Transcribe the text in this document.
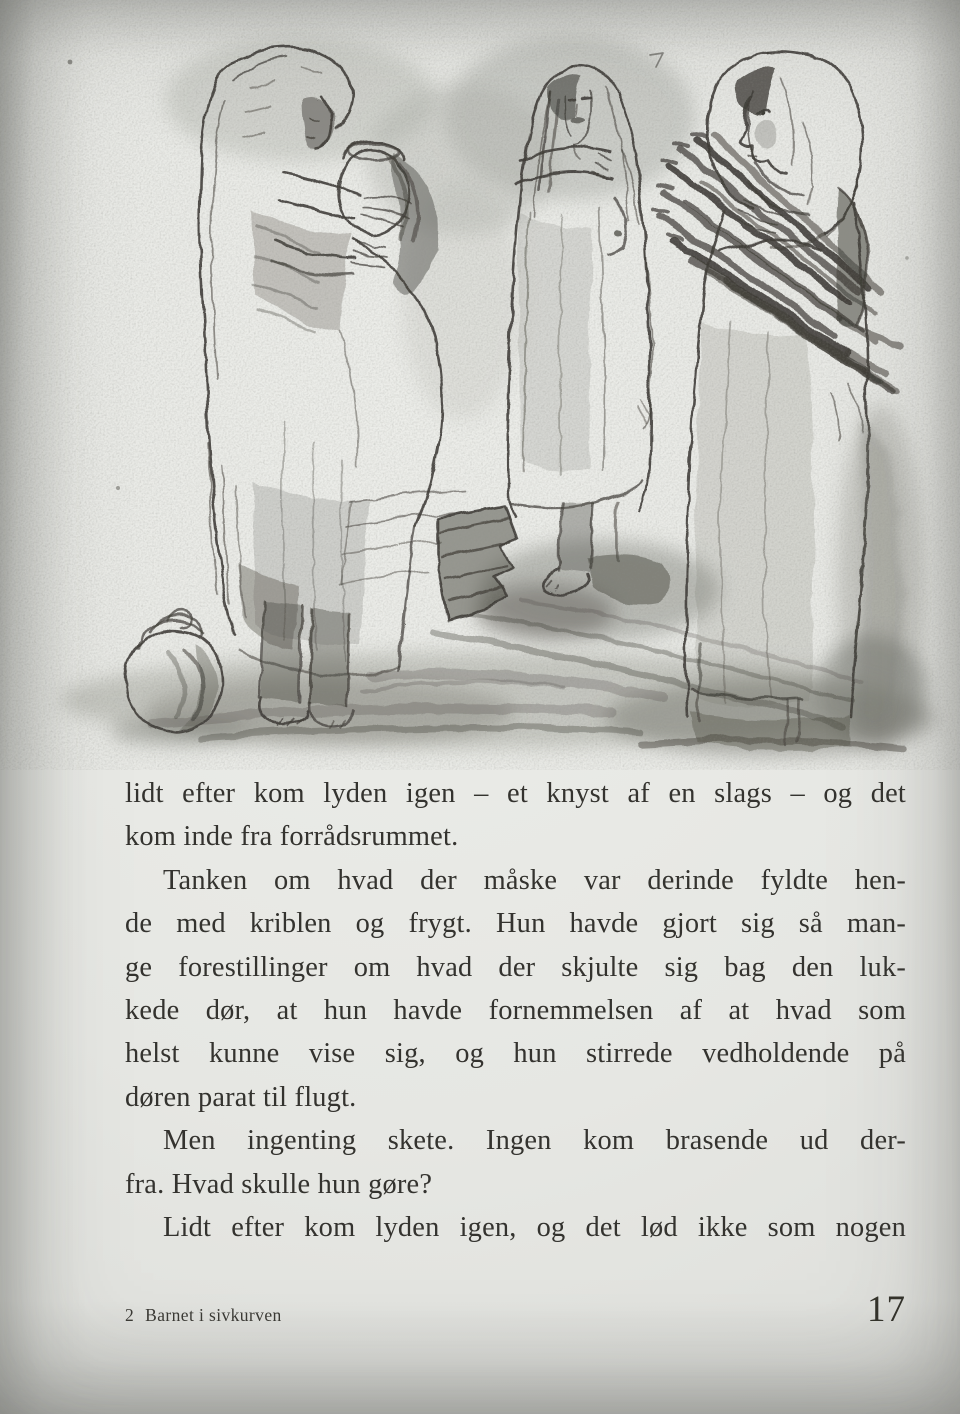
lidt efter kom lyden igen – et knyst af en slags – og det
kom inde fra forrådsrummet.
Tanken om hvad der måske var derinde fyldte hen-
de med kriblen og frygt. Hun havde gjort sig så man-
ge forestillinger om hvad der skjulte sig bag den luk-
kede dør, at hun havde fornemmelsen af at hvad som
helst kunne vise sig, og hun stirrede vedholdende på
døren parat til flugt.
Men ingenting skete. Ingen kom brasende ud der-
fra. Hvad skulle hun gøre?
Lidt efter kom lyden igen, og det lød ikke som nogen
2 Barnet i sivkurven	17
